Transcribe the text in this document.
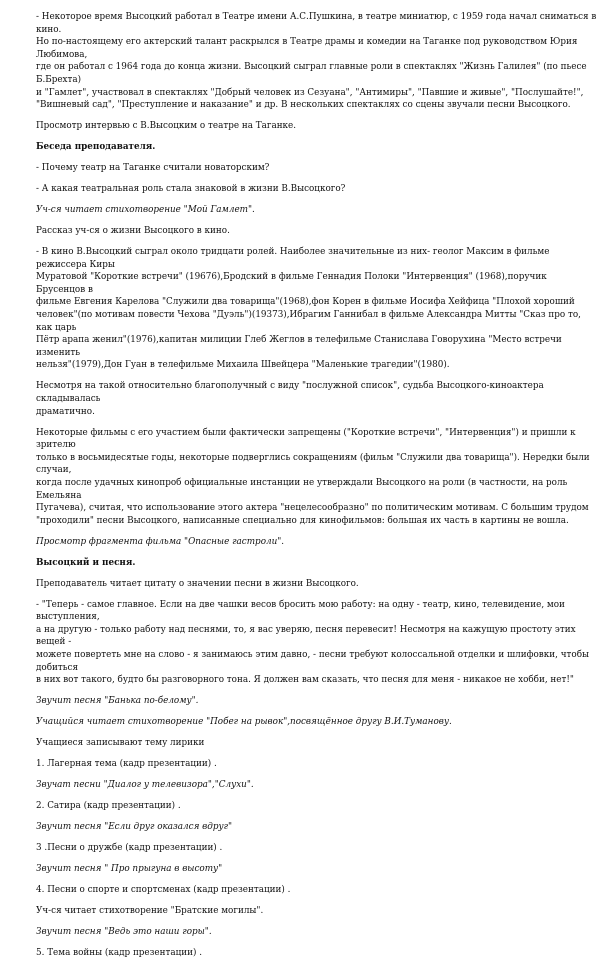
- Некоторое время Высоцкий работал в Театре имени А.С.Пушкина, в театре миниатюр, с 1959 года начал сниматься в кино.
Но по-настоящему его актерский талант раскрылся в Театре драмы и комедии на Таганке под руководством Юрия Любимова,
где он работал с 1964 года до конца жизни. Высоцкий сыграл главные роли в спектаклях "Жизнь Галилея" (по пьесе Б.Брехта)
и "Гамлет", участвовал в спектаклях "Добрый человек из Сезуана", "Антимиры", "Павшие и живые", "Послушайте!",
"Вишневый сад", "Преступление и наказание" и др. В нескольких спектаклях со сцены звучали песни Высоцкого.

Просмотр интервью с В.Высоцким о театре на Таганке.

Беседа преподавателя.

- Почему театр на Таганке считали новаторским?

- А какая театральная роль стала знаковой в жизни В.Высоцкого?

Уч-ся читает стихотворение "Мой Гамлет".

Рассказ уч-ся о жизни Высоцкого в кино.

- В кино В.Высоцкий сыграл около тридцати ролей. Наиболее значительные из них- геолог Максим в фильме режиссера Киры
Муратовой "Короткие встречи" (19676),Бродский в фильме Геннадия Полоки "Интервенция" (1968),поручик Брусенцов в
фильме Евгения Карелова "Служили два товарища"(1968),фон Корен в фильме Иосифа Хейфица "Плохой хороший
человек"(по мотивам повести Чехова "Дуэль")(19373),Ибрагим Ганнибал в фильме Александра Митты "Сказ про то, как царь
Пётр арапа женил"(1976),капитан милиции Глеб Жеглов в телефильме Станислава Говорухина "Место встречи изменить
нельзя"(1979),Дон Гуан в телефильме Михаила Швейцера "Маленькие трагедии"(1980).

Несмотря на такой относительно благополучный с виду "послужной список", судьба Высоцкого-киноактера складывалась
драматично.

Некоторые фильмы с его участием были фактически запрещены ("Короткие встречи", "Интервенция") и пришли к зрителю
только в восьмидесятые годы, некоторые подверглись сокращениям (фильм "Служили два товарища"). Нередки были случаи,
когда после удачных кинопроб официальные инстанции не утверждали Высоцкого на роли (в частности, на роль Емельяна
Пугачева), считая, что использование этого актера "нецелесообразно" по политическим мотивам. С большим трудом
"проходили" песни Высоцкого, написанные специально для кинофильмов: большая их часть в картины не вошла.

Просмотр фрагмента фильма "Опасные гастроли".

Высоцкий и песня.

Преподаватель читает цитату о значении песни в жизни Высоцкого.

- "Теперь - самое главное. Если на две чашки весов бросить мою работу: на одну - театр, кино, телевидение, мои выступления,
а на другую - только работу над песнями, то, я вас уверяю, песня перевесит! Несмотря на кажущую простоту этих вещей -
можете повертеть мне на слово - я занимаюсь этим давно, - песни требуют колоссальной отделки и шлифовки, чтобы добиться
в них вот такого, будто бы разговорного тона. Я должен вам сказать, что песня для меня - никакое не хобби, нет!"

Звучит песня "Банька по-белому".

Учащийся читает стихотворение "Побег на рывок",посвящённое другу В.И.Туманову.

Учащиеся записывают тему лирики

1. Лагерная тема (кадр презентации) .

Звучат песни "Диалог у телевизора","Слухи".

2. Сатира (кадр презентации) .

Звучит песня "Если друг оказался вдруг"

3 .Песни о дружбе (кадр презентации) .

Звучит песня " Про прыгуна в высоту"

4. Песни о спорте и спортсменах (кадр презентации) .

Уч-ся читает стихотворение "Братские могилы".

Звучит песня "Ведь это наши горы".

5. Тема войны (кадр презентации) .
